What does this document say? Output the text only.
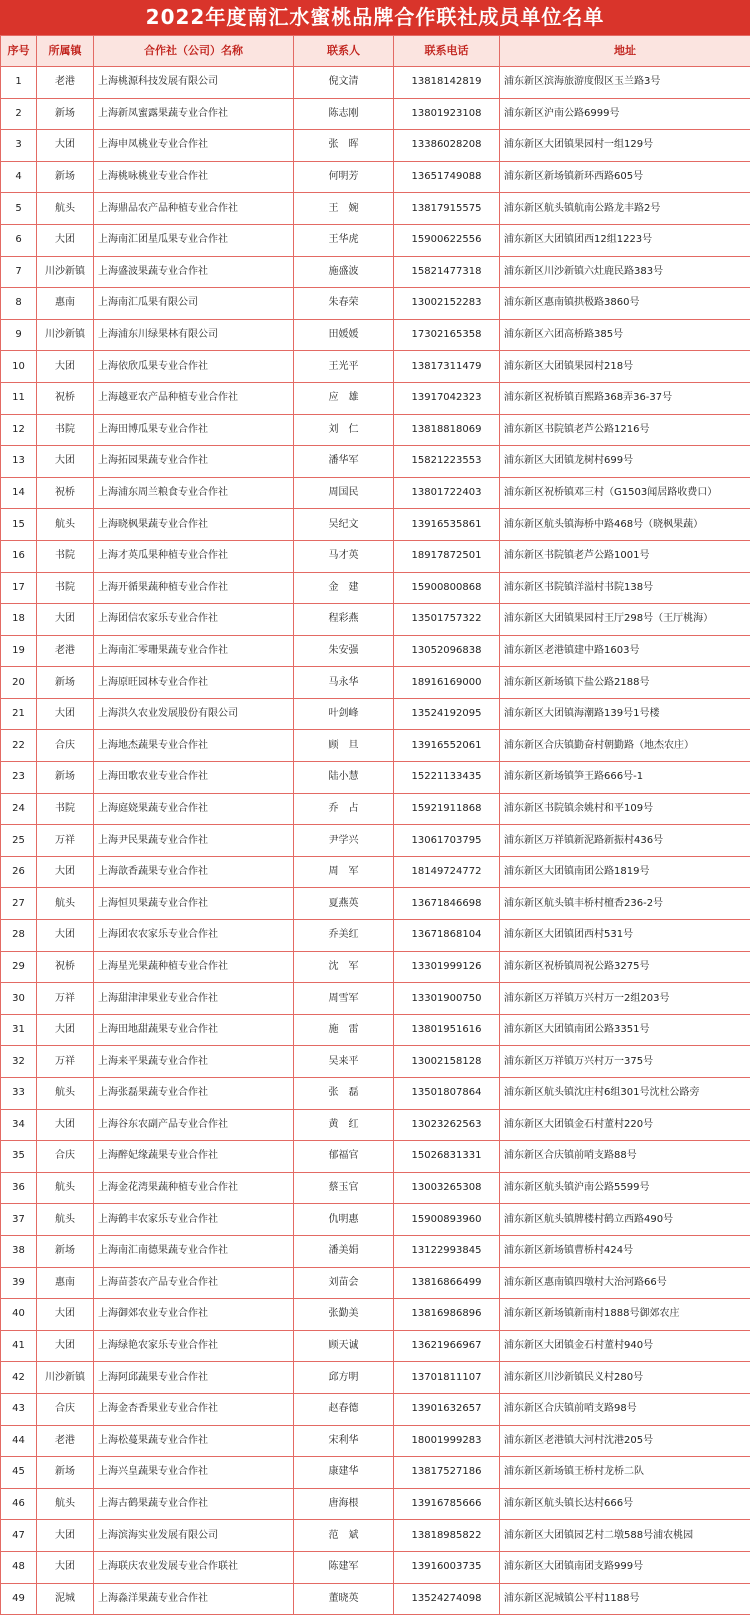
2022年度南汇水蜜桃品牌合作联社成员单位名单
序号	所属镇	合作社（公司）名称	联系人	联系电话	地址
1	老港	上海桃源科技发展有限公司	倪文清	13818142819	浦东新区滨海旅游度假区玉兰路3号
2	新场	上海新凤蜜露果蔬专业合作社	陈志刚	13801923108	浦东新区沪南公路6999号
3	大团	上海申凤桃业专业合作社	张　晖	13386028208	浦东新区大团镇果园村一组129号
4	新场	上海桃咏桃业专业合作社	何明芳	13651749088	浦东新区新场镇新环西路605号
5	航头	上海鼎品农产品种植专业合作社	王　婉	13817915575	浦东新区航头镇航南公路龙丰路2号
6	大团	上海南汇团星瓜果专业合作社	王华虎	15900622556	浦东新区大团镇团西12组1223号
7	川沙新镇	上海盛波果蔬专业合作社	施盛波	15821477318	浦东新区川沙新镇六灶鹿民路383号
8	惠南	上海南汇瓜果有限公司	朱春荣	13002152283	浦东新区惠南镇拱极路3860号
9	川沙新镇	上海浦东川绿果林有限公司	田媛媛	17302165358	浦东新区六团高桥路385号
10	大团	上海依欣瓜果专业合作社	王光平	13817311479	浦东新区大团镇果园村218号
11	祝桥	上海越亚农产品种植专业合作社	应　雄	13917042323	浦东新区祝桥镇百熙路368弄36-37号
12	书院	上海田博瓜果专业合作社	刘　仁	13818818069	浦东新区书院镇老芦公路1216号
13	大团	上海拓园果蔬专业合作社	潘华军	15821223553	浦东新区大团镇龙树村699号
14	祝桥	上海浦东周兰粮食专业合作社	周国民	13801722403	浦东新区祝桥镇邓三村（G1503闻居路收费口）
15	航头	上海晓枫果蔬专业合作社	吴纪文	13916535861	浦东新区航头镇海桥中路468号（晓枫果蔬）
16	书院	上海才英瓜果种植专业合作社	马才英	18917872501	浦东新区书院镇老芦公路1001号
17	书院	上海开循果蔬种植专业合作社	金　建	15900800868	浦东新区书院镇洋溢村书院138号
18	大团	上海团信农家乐专业合作社	程彩燕	13501757322	浦东新区大团镇果园村王厅298号（王厅桃海）
19	老港	上海南汇零珊果蔬专业合作社	朱安强	13052096838	浦东新区老港镇建中路1603号
20	新场	上海原旺园林专业合作社	马永华	18916169000	浦东新区新场镇下盐公路2188号
21	大团	上海洪久农业发展股份有限公司	叶剑峰	13524192095	浦东新区大团镇海潮路139号1号楼
22	合庆	上海地杰蔬果专业合作社	顾　旦	13916552061	浦东新区合庆镇勤奋村朝勤路（地杰农庄）
23	新场	上海田歌农业专业合作社	陆小慧	15221133435	浦东新区新场镇笋王路666号-1
24	书院	上海庭娆果蔬专业合作社	乔　占	15921911868	浦东新区书院镇余姚村和平109号
25	万祥	上海尹民果蔬专业合作社	尹学兴	13061703795	浦东新区万祥镇新泥路新振村436号
26	大团	上海歆香蔬果专业合作社	周　军	18149724772	浦东新区大团镇南团公路1819号
27	航头	上海恒贝果蔬专业合作社	夏燕英	13671846698	浦东新区航头镇丰桥村檀香236-2号
28	大团	上海团农农家乐专业合作社	乔美红	13671868104	浦东新区大团镇团西村531号
29	祝桥	上海星光果蔬种植专业合作社	沈　军	13301999126	浦东新区祝桥镇周祝公路3275号
30	万祥	上海甜津津果业专业合作社	周雪军	13301900750	浦东新区万祥镇万兴村万一2组203号
31	大团	上海田地甜蔬果专业合作社	施　雷	13801951616	浦东新区大团镇南团公路3351号
32	万祥	上海来平果蔬专业合作社	吴来平	13002158128	浦东新区万祥镇万兴村万一375号
33	航头	上海张磊果蔬专业合作社	张　磊	13501807864	浦东新区航头镇沈庄村6组301号沈杜公路旁
34	大团	上海谷东农副产品专业合作社	黄　红	13023262563	浦东新区大团镇金石村董村220号
35	合庆	上海醉妃缘蔬果专业合作社	郁福官	15026831331	浦东新区合庆镇前哨支路88号
36	航头	上海金花湾果蔬种植专业合作社	蔡玉官	13003265308	浦东新区航头镇沪南公路5599号
37	航头	上海鹤丰农家乐专业合作社	仇明惠	15900893960	浦东新区航头镇牌楼村鹤立西路490号
38	新场	上海南汇南德果蔬专业合作社	潘美娟	13122993845	浦东新区新场镇曹桥村424号
39	惠南	上海苗荟农产品专业合作社	刘苗会	13816866499	浦东新区惠南镇四墩村大治河路66号
40	大团	上海御郊农业专业合作社	张勤美	13816986896	浦东新区新场镇新南村1888号御郊农庄
41	大团	上海绿艳农家乐专业合作社	顾天诚	13621966967	浦东新区大团镇金石村董村940号
42	川沙新镇	上海阿邱蔬果专业合作社	邱方明	13701811107	浦东新区川沙新镇民义村280号
43	合庆	上海金杏香果业专业合作社	赵春德	13901632657	浦东新区合庆镇前哨支路98号
44	老港	上海松蔓果蔬专业合作社	宋利华	18001999283	浦东新区老港镇大河村沈港205号
45	新场	上海兴皇蔬果专业合作社	康建华	13817527186	浦东新区新场镇王桥村龙桥二队
46	航头	上海古鹤果蔬专业合作社	唐海根	13916785666	浦东新区航头镇长达村666号
47	大团	上海滨海实业发展有限公司	范　斌	13818985822	浦东新区大团镇园艺村二墩588号浦农桃园
48	大团	上海联庆农业发展专业合作联社	陈建军	13916003735	浦东新区大团镇南团支路999号
49	泥城	上海淼洋果蔬专业合作社	董晓英	13524274098	浦东新区泥城镇公平村1188号
